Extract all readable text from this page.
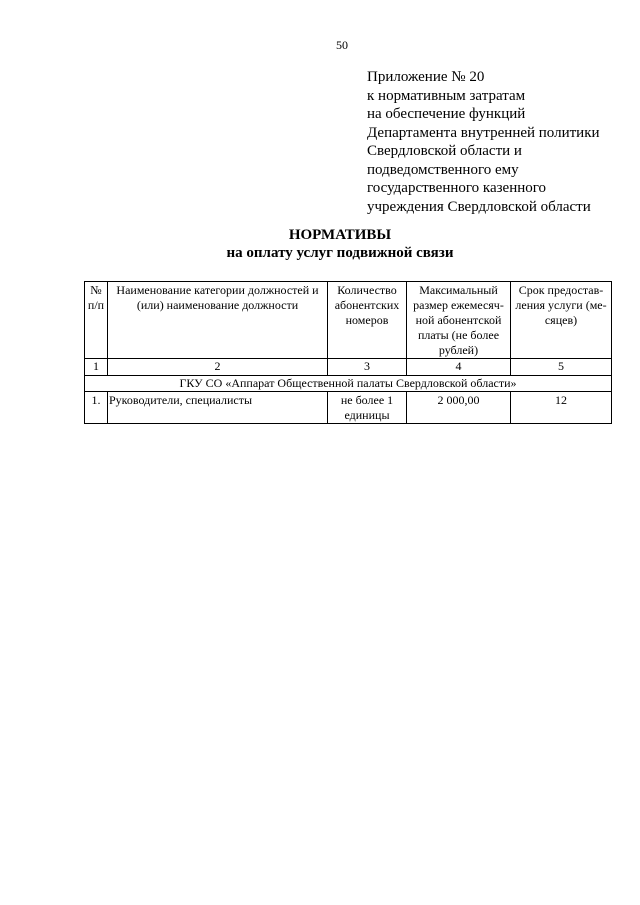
50
Приложение № 20
к нормативным затратам
на обеспечение функций
Департамента внутренней политики
Свердловской области и
подведомственного ему
государственного казенного
учреждения Свердловской области
НОРМАТИВЫ
на оплату услуг подвижной связи
№ п/п	Наименование категории должностей и (или) наименование должности	Количество абонентских номеров	Максимальный размер ежемесяч-ной абонентской платы (не более рублей)	Срок предостав-ления услуги (ме-сяцев)
1	2	3	4	5
ГКУ СО «Аппарат Общественной палаты Свердловской области»				
1.	Руководители, специалисты	не более 1 единицы	2 000,00	12
